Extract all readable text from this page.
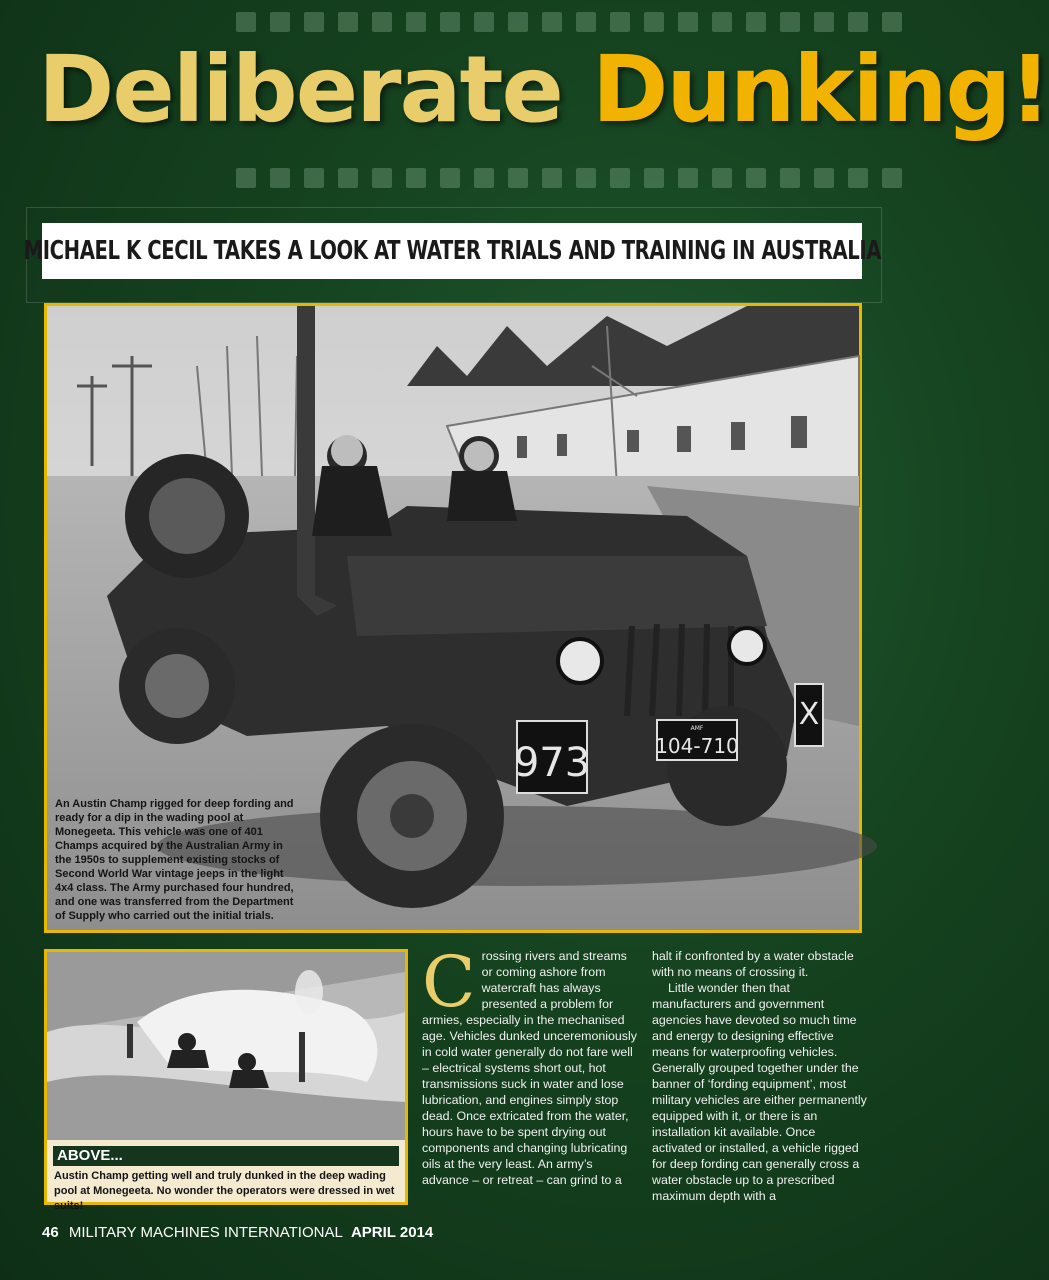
Deliberate Dunking!
MICHAEL K CECIL TAKES A LOOK AT WATER TRIALS AND TRAINING IN AUSTRALIA
973
AMF
104-710
X
An Austin Champ rigged for deep fording and ready for a dip in the wading pool at Monegeeta. This vehicle was one of 401 Champs acquired by the Australian Army in the 1950s to supplement existing stocks of Second World War vintage jeeps in the light 4x4 class. The Army purchased four hundred, and one was transferred from the Department of Supply who carried out the initial trials.
ABOVE...
Austin Champ getting well and truly dunked in the deep wading pool at Monegeeta. No wonder the operators were dressed in wet suits!
C rossing rivers and streams or coming ashore from watercraft has always presented a problem for armies, especially in the mechanised age. Vehicles dunked unceremoniously in cold water generally do not fare well – electrical systems short out, hot transmissions suck in water and lose lubrication, and engines simply stop dead. Once extricated from the water, hours have to be spent drying out components and changing lubricating oils at the very least. An army’s advance – or retreat – can grind to a
halt if confronted by a water obstacle with no means of crossing it.
Little wonder then that manufacturers and government agencies have devoted so much time and energy to designing effective means for waterproofing vehicles. Generally grouped together under the banner of ‘fording equipment’, most military vehicles are either permanently equipped with it, or there is an installation kit available. Once activated or installed, a vehicle rigged for deep fording can generally cross a water obstacle up to a prescribed maximum depth with a
46 MILITARY MACHINES INTERNATIONAL APRIL 2014
